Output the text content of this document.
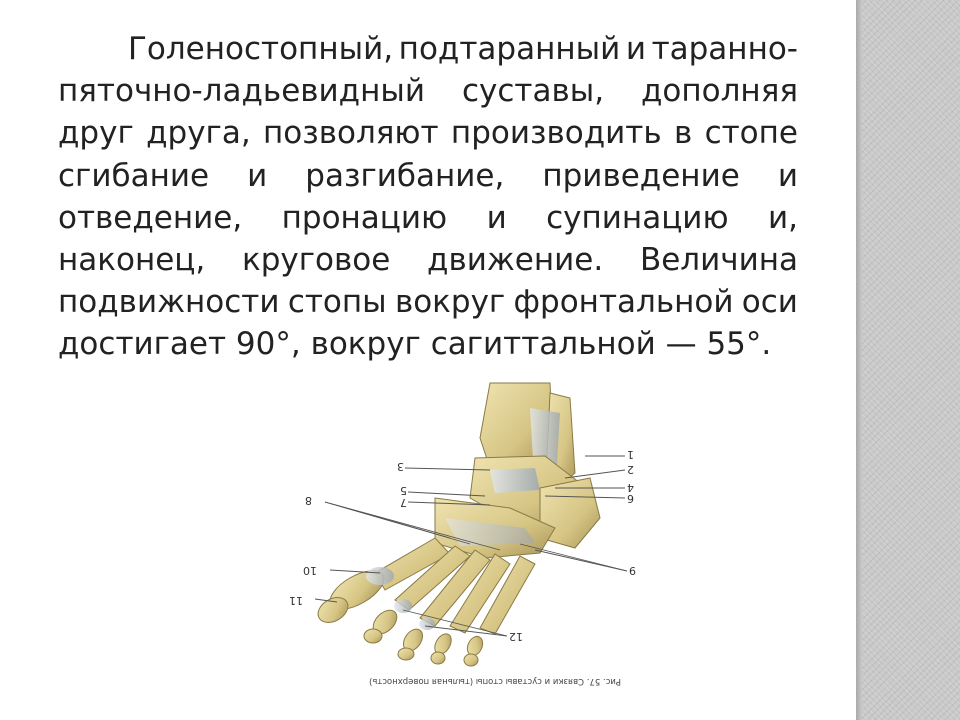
Голеностопный, подтаранный и таранно-
пяточно-ладьевидный суставы, дополняя
друг друга, позволяют производить в стопе
сгибание и разгибание, приведение и
отведение, пронацию и супинацию и,
наконец, круговое движение. Величина
подвижности стопы вокруг фронтальной оси
достигает 90°, вокруг сагиттальной — 55°.
3
5
7
8
10
11
1
2
4
6
9
12
Рис. 57. Связки и суставы стопы (тыльная поверхность)
